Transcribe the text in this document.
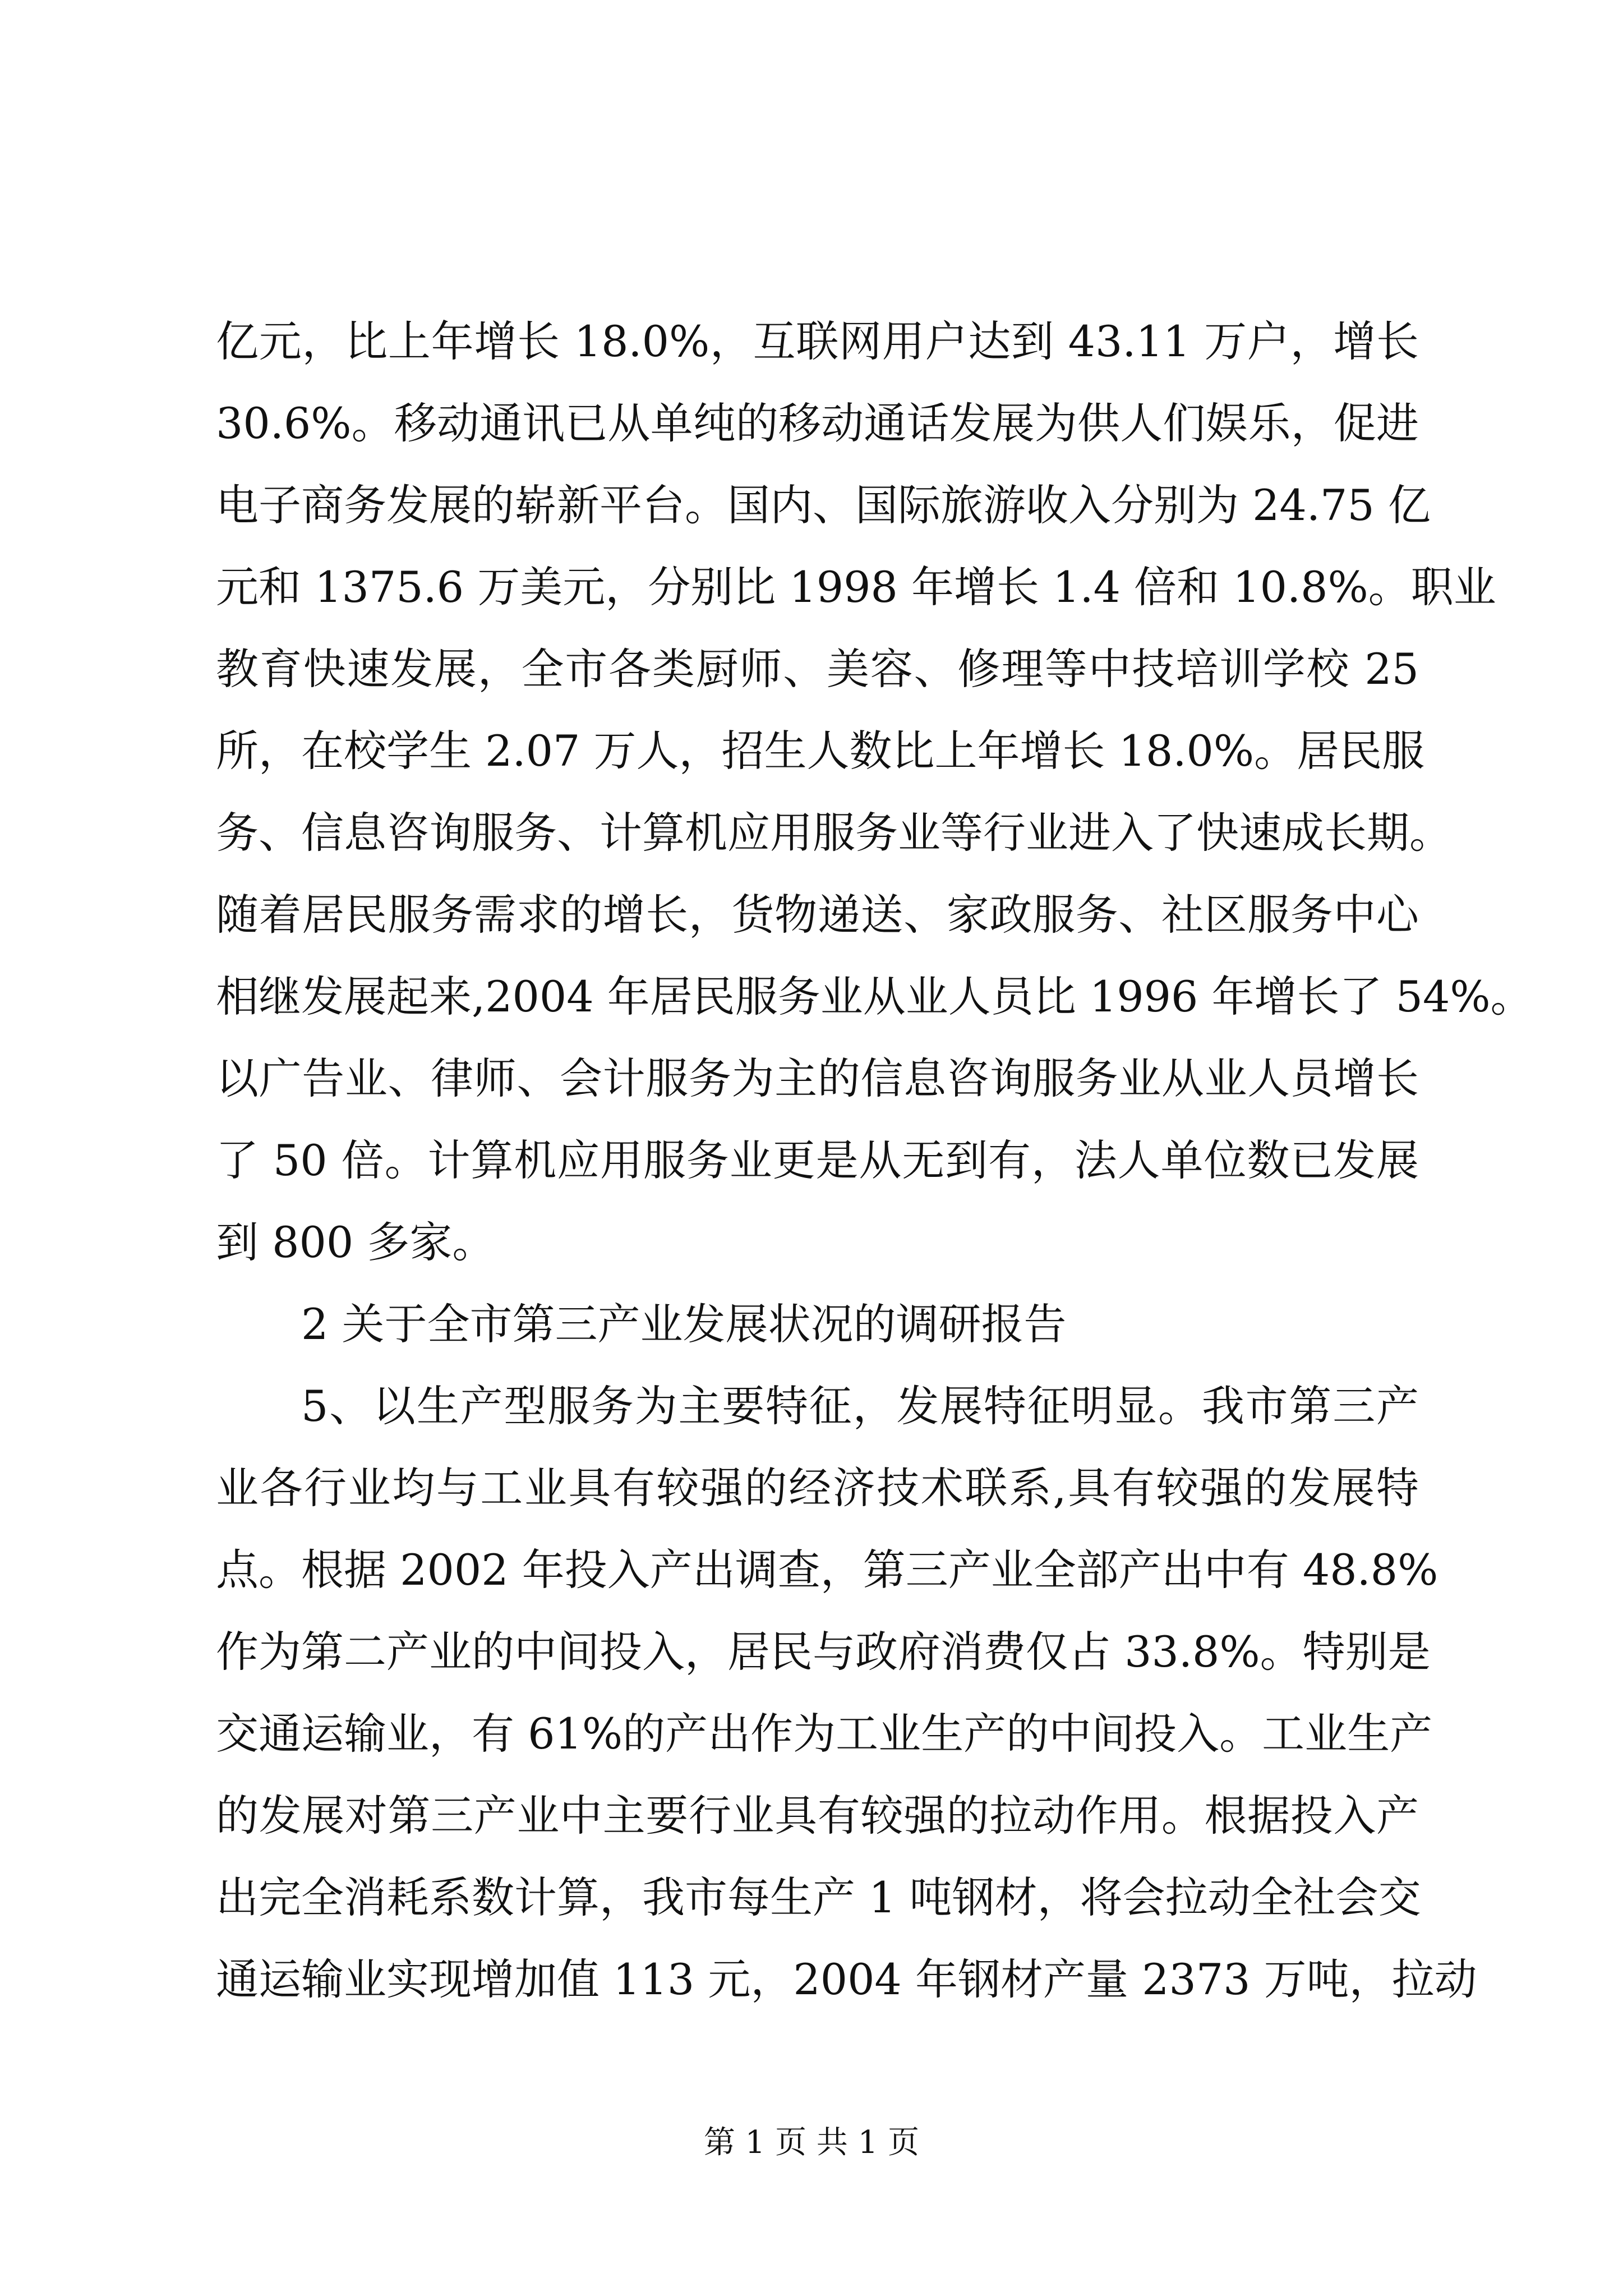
亿元，比上年增长 18.0%，互联网用户达到 43.11 万户，增长
30.6%。移动通讯已从单纯的移动通话发展为供人们娱乐，促进
电子商务发展的崭新平台。国内、国际旅游收入分别为 24.75 亿
元和 1375.6 万美元，分别比 1998 年增长 1.4 倍和 10.8%。职业
教育快速发展，全市各类厨师、美容、修理等中技培训学校 25
所，在校学生 2.07 万人，招生人数比上年增长 18.0%。居民服
务、信息咨询服务、计算机应用服务业等行业进入了快速成长期。
随着居民服务需求的增长，货物递送、家政服务、社区服务中心
相继发展起来,2004 年居民服务业从业人员比 1996 年增长了 54%。
以广告业、律师、会计服务为主的信息咨询服务业从业人员增长
了 50 倍。计算机应用服务业更是从无到有，法人单位数已发展
到 800 多家。
2 关于全市第三产业发展状况的调研报告
5、以生产型服务为主要特征，发展特征明显。我市第三产
业各行业均与工业具有较强的经济技术联系,具有较强的发展特
点。根据 2002 年投入产出调查，第三产业全部产出中有 48.8%
作为第二产业的中间投入，居民与政府消费仅占 33.8%。特别是
交通运输业，有 61%的产出作为工业生产的中间投入。工业生产
的发展对第三产业中主要行业具有较强的拉动作用。根据投入产
出完全消耗系数计算，我市每生产 1 吨钢材，将会拉动全社会交
通运输业实现增加值 113 元，2004 年钢材产量 2373 万吨，拉动
第 1 页 共 1 页
